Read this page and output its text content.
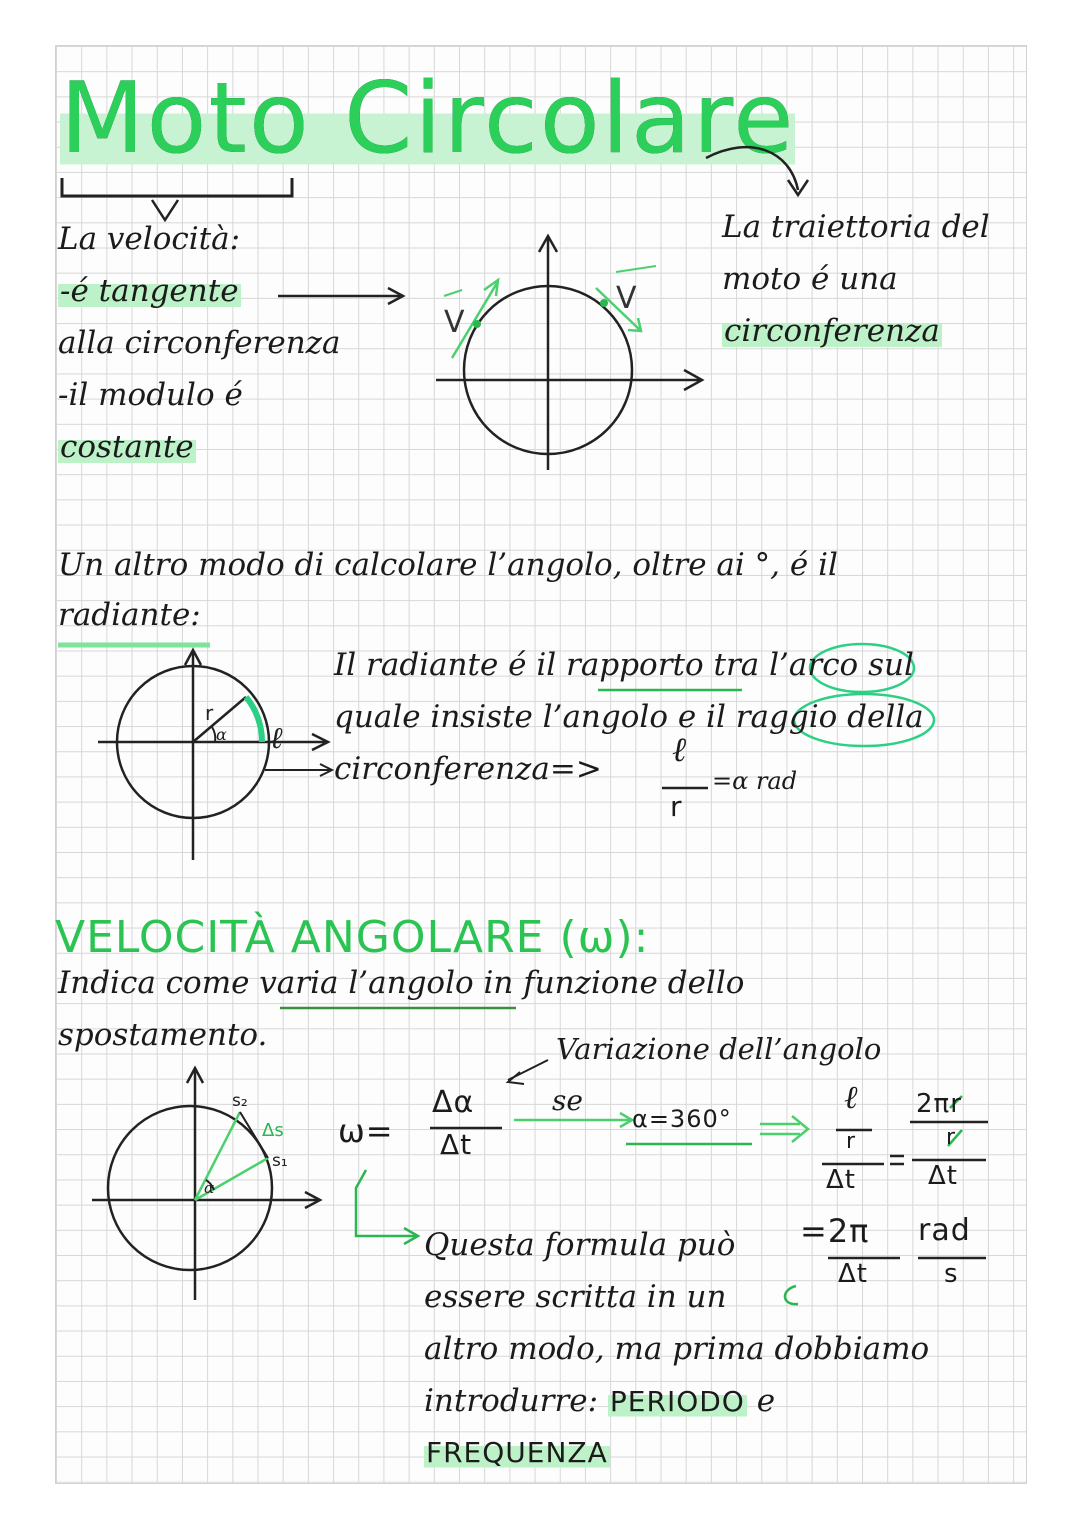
Moto Circolare
V
V
r
α ℓ
s₂
s₁
Δs
α
La velocità:
-é tangente
alla circonferenza
-il modulo é
costante
La traiettoria del
moto é una
circonferenza
Un altro modo di calcolare l’angolo, oltre ai °, é il
radiante:
Il radiante é il rapporto tra l’arco sul
quale insiste l’angolo e il raggio della
circonferenza=> ℓ
r
=α rad
VELOCITÀ ANGOLARE (ω):
Indica come varia l’angolo in funzione dello
spostamento.	Variazione dell’angolo
ω=
Δα
Δt
se
α=360°
ℓ
r
Δt
2πr
r
Δt
=2π
Δt
rad
s
Questa formula può
essere scritta in un
altro modo, ma prima dobbiamo
introdurre: PERIODO e
FREQUENZA
